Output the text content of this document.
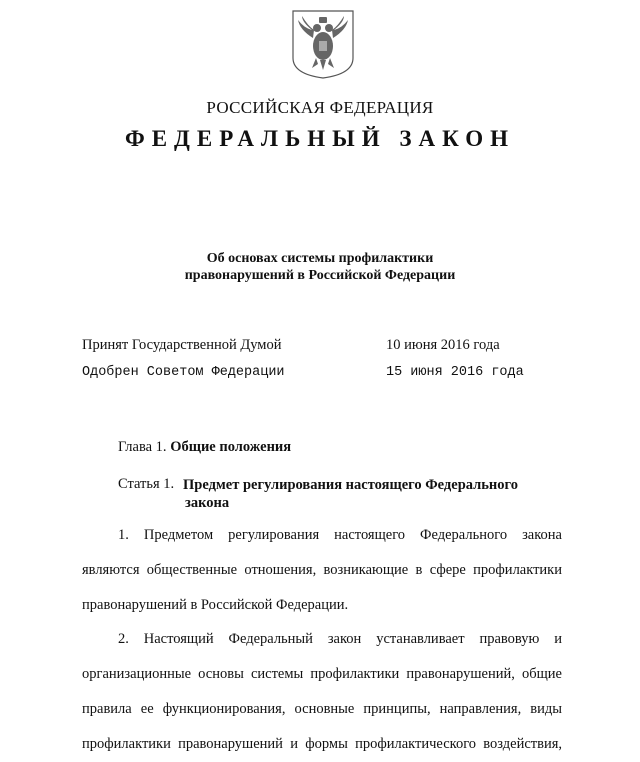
РОССИЙСКАЯ ФЕДЕРАЦИЯ
ФЕДЕРАЛЬНЫЙ ЗАКОН
Об основах системы профилактики
правонарушений в Российской Федерации
Принят Государственной Думой	10 июня 2016 года
Одобрен Советом Федерации	15 июня 2016 года
Глава 1. Общие положения
Статья 1. Предмет регулирования настоящего Федерального
закона
1. Предметом регулирования настоящего Федерального закона
являются общественные отношения, возникающие в сфере профилактики
правонарушений в Российской Федерации.
2. Настоящий Федеральный закон устанавливает правовую и
организационные основы системы профилактики правонарушений, общие
правила ее функционирования, основные принципы, направления, виды
профилактики правонарушений и формы профилактического воздействия,
